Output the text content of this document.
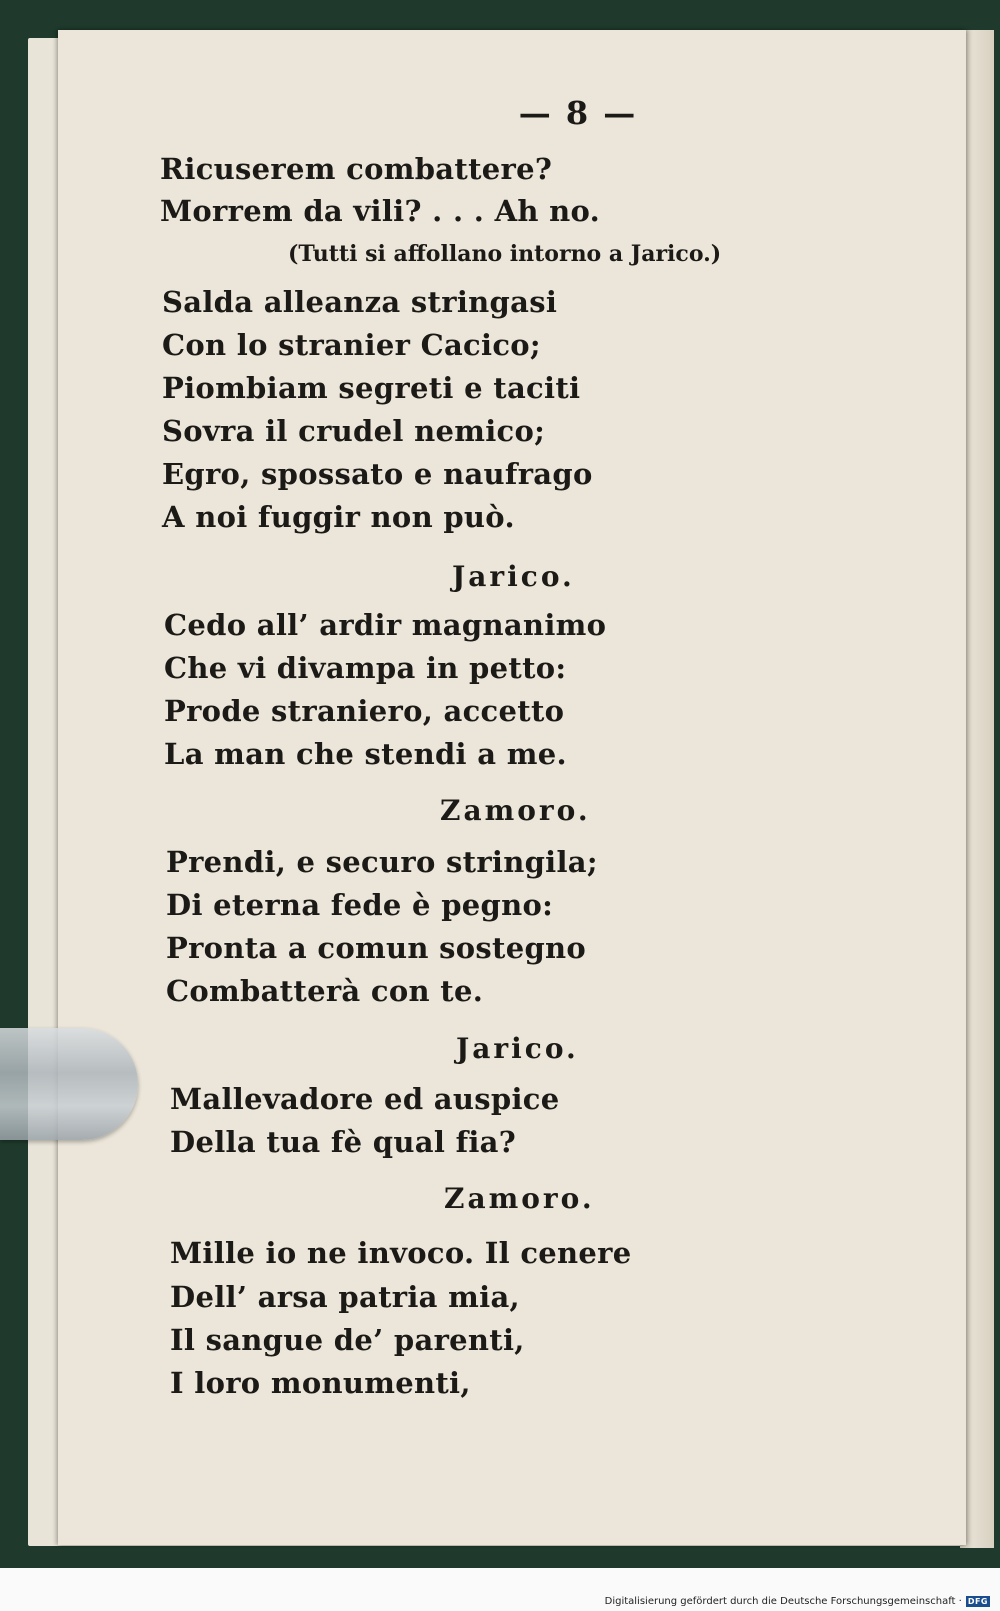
— 8 —
Ricuserem combattere?
Morrem da vili? . . . Ah no.
(Tutti si affollano intorno a Jarico.)
Salda alleanza stringasi
Con lo stranier Cacico;
Piombiam segreti e taciti
Sovra il crudel nemico;
Egro, spossato e naufrago
A noi fuggir non può.
Jarico.
Cedo all’ ardir magnanimo
Che vi divampa in petto:
Prode straniero, accetto
La man che stendi a me.
Zamoro.
Prendi, e securo stringila;
Di eterna fede è pegno:
Pronta a comun sostegno
Combatterà con te.
Jarico.
Mallevadore ed auspice
Della tua fè qual fia?
Zamoro.
Mille io ne invoco. Il cenere
Dell’ arsa patria mia,
Il sangue de’ parenti,
I loro monumenti,
Digitalisierung gefördert durch die Deutsche Forschungsgemeinschaft · DFG
